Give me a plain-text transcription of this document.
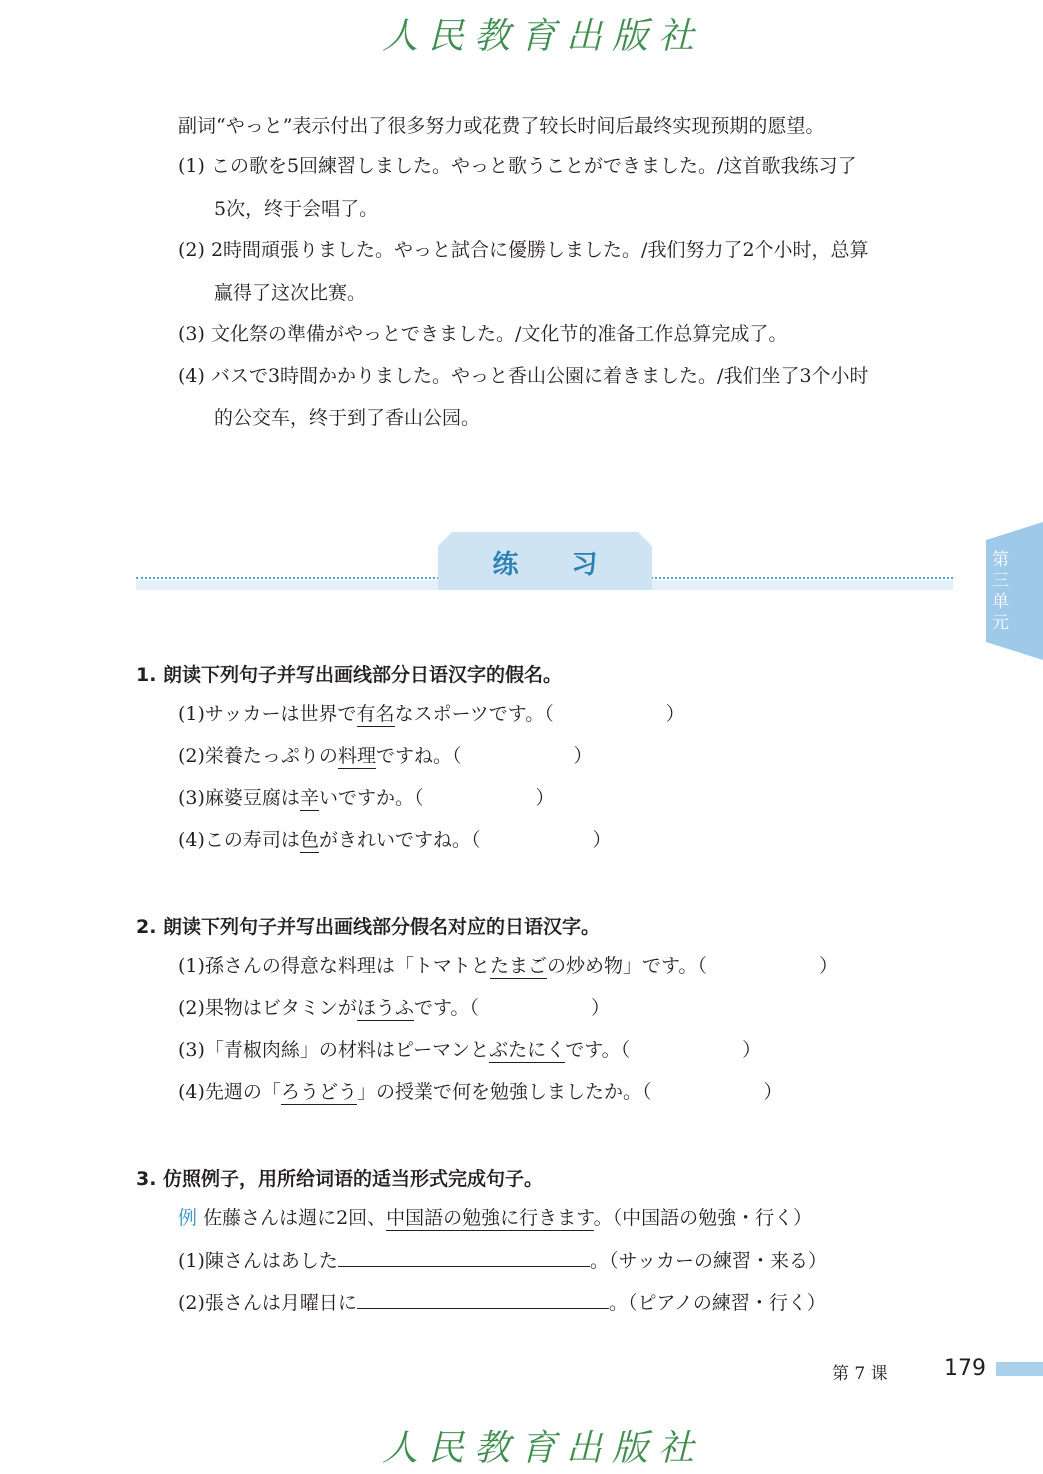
人民教育出版社
副词“やっと”表示付出了很多努力或花费了较长时间后最终实现预期的愿望。
(1) この歌を5回練習しました。やっと歌うことができました。/这首歌我练习了
5次，终于会唱了。
(2) 2時間頑張りました。やっと試合に優勝しました。/我们努力了2个小时，总算
赢得了这次比赛。
(3) 文化祭の準備がやっとできました。/文化节的准备工作总算完成了。
(4) バスで3時間かかりました。やっと香山公園に着きました。/我们坐了3个小时
的公交车，终于到了香山公园。
练 习	第三单元
1. 朗读下列句子并写出画线部分日语汉字的假名。
(1)サッカーは世界で有名なスポーツです。（	）
(2)栄養たっぷりの料理ですね。（	）
(3)麻婆豆腐は辛いですか。（	）
(4)この寿司は色がきれいですね。（	）
2. 朗读下列句子并写出画线部分假名对应的日语汉字。
(1)孫さんの得意な料理は「トマトとたまごの炒め物」です。（	）
(2)果物はビタミンがほうふです。（	）
(3)「青椒肉絲」の材料はピーマンとぶたにくです。（	）
(4)先週の「ろうどう」の授業で何を勉強しましたか。（	）
3. 仿照例子，用所给词语的适当形式完成句子。
例 佐藤さんは週に2回、中国語の勉強に行きます。（中国語の勉強・行く）
(1)陳さんはあした	。（サッカーの練習・来る）
(2)張さんは月曜日に	。（ピアノの練習・行く）
第 7 课	179
人民教育出版社
